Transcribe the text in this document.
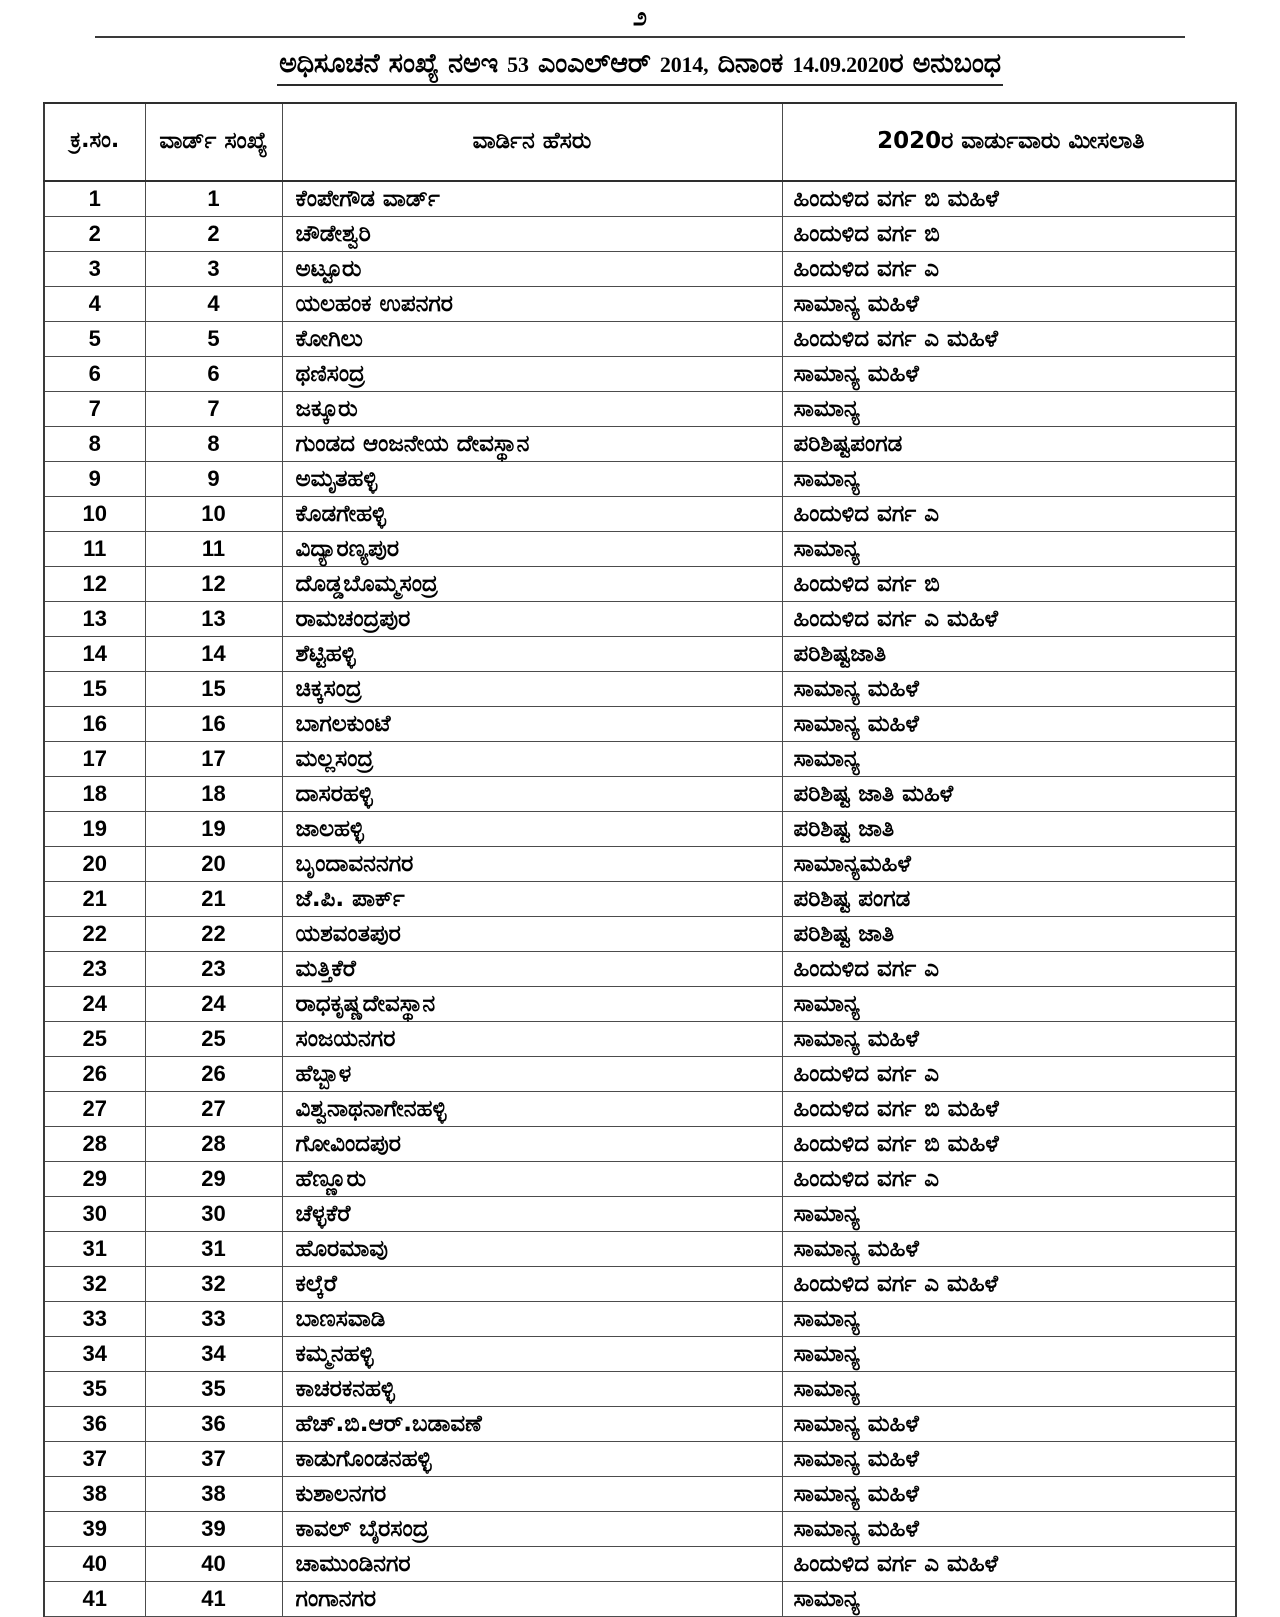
೨
ಅಧಿಸೂಚನೆ ಸಂಖ್ಯೆ ನಅಇ 53 ಎಂಎಲ್ಆರ್ 2014, ದಿನಾಂಕ 14.09.2020ರ ಅನುಬಂಧ
ಕ್ರ.ಸಂ.	ವಾರ್ಡ್ ಸಂಖ್ಯೆ	ವಾರ್ಡಿನ ಹೆಸರು	2020ರ ವಾರ್ಡುವಾರು ಮೀಸಲಾತಿ
1	1	ಕೆಂಪೇಗೌಡ ವಾರ್ಡ್	ಹಿಂದುಳಿದ ವರ್ಗ ಬಿ ಮಹಿಳೆ
2	2	ಚೌಡೇಶ್ವರಿ	ಹಿಂದುಳಿದ ವರ್ಗ ಬಿ
3	3	ಅಟ್ಟೂರು	ಹಿಂದುಳಿದ ವರ್ಗ ಎ
4	4	ಯಲಹಂಕ ಉಪನಗರ	ಸಾಮಾನ್ಯ ಮಹಿಳೆ
5	5	ಕೋಗಿಲು	ಹಿಂದುಳಿದ ವರ್ಗ ಎ ಮಹಿಳೆ
6	6	ಥಣಿಸಂದ್ರ	ಸಾಮಾನ್ಯ ಮಹಿಳೆ
7	7	ಜಕ್ಕೂರು	ಸಾಮಾನ್ಯ
8	8	ಗುಂಡದ ಆಂಜನೇಯ ದೇವಸ್ಥಾನ	ಪರಿಶಿಷ್ಟಪಂಗಡ
9	9	ಅಮೃತಹಳ್ಳಿ	ಸಾಮಾನ್ಯ
10	10	ಕೊಡಗೇಹಳ್ಳಿ	ಹಿಂದುಳಿದ ವರ್ಗ ಎ
11	11	ವಿದ್ಯಾರಣ್ಯಪುರ	ಸಾಮಾನ್ಯ
12	12	ದೊಡ್ಡಬೊಮ್ಮಸಂದ್ರ	ಹಿಂದುಳಿದ ವರ್ಗ ಬಿ
13	13	ರಾಮಚಂದ್ರಪುರ	ಹಿಂದುಳಿದ ವರ್ಗ ಎ ಮಹಿಳೆ
14	14	ಶೆಟ್ಟಿಹಳ್ಳಿ	ಪರಿಶಿಷ್ಟಜಾತಿ
15	15	ಚಿಕ್ಕಸಂದ್ರ	ಸಾಮಾನ್ಯ ಮಹಿಳೆ
16	16	ಬಾಗಲಕುಂಟೆ	ಸಾಮಾನ್ಯ ಮಹಿಳೆ
17	17	ಮಲ್ಲಸಂದ್ರ	ಸಾಮಾನ್ಯ
18	18	ದಾಸರಹಳ್ಳಿ	ಪರಿಶಿಷ್ಟ ಜಾತಿ ಮಹಿಳೆ
19	19	ಜಾಲಹಳ್ಳಿ	ಪರಿಶಿಷ್ಟ ಜಾತಿ
20	20	ಬೃಂದಾವನನಗರ	ಸಾಮಾನ್ಯಮಹಿಳೆ
21	21	ಜೆ.ಪಿ. ಪಾರ್ಕ್	ಪರಿಶಿಷ್ಟ ಪಂಗಡ
22	22	ಯಶವಂತಪುರ	ಪರಿಶಿಷ್ಟ ಜಾತಿ
23	23	ಮತ್ತಿಕೆರೆ	ಹಿಂದುಳಿದ ವರ್ಗ ಎ
24	24	ರಾಧಕೃಷ್ಣದೇವಸ್ಥಾನ	ಸಾಮಾನ್ಯ
25	25	ಸಂಜಯನಗರ	ಸಾಮಾನ್ಯ ಮಹಿಳೆ
26	26	ಹೆಬ್ಬಾಳ	ಹಿಂದುಳಿದ ವರ್ಗ ಎ
27	27	ವಿಶ್ವನಾಥನಾಗೇನಹಳ್ಳಿ	ಹಿಂದುಳಿದ ವರ್ಗ ಬಿ ಮಹಿಳೆ
28	28	ಗೋವಿಂದಪುರ	ಹಿಂದುಳಿದ ವರ್ಗ ಬಿ ಮಹಿಳೆ
29	29	ಹೆಣ್ಣೂರು	ಹಿಂದುಳಿದ ವರ್ಗ ಎ
30	30	ಚೆಳ್ಳಕೆರೆ	ಸಾಮಾನ್ಯ
31	31	ಹೊರಮಾವು	ಸಾಮಾನ್ಯ ಮಹಿಳೆ
32	32	ಕಲ್ಕೆರೆ	ಹಿಂದುಳಿದ ವರ್ಗ ಎ ಮಹಿಳೆ
33	33	ಬಾಣಸವಾಡಿ	ಸಾಮಾನ್ಯ
34	34	ಕಮ್ಮನಹಳ್ಳಿ	ಸಾಮಾನ್ಯ
35	35	ಕಾಚರಕನಹಳ್ಳಿ	ಸಾಮಾನ್ಯ
36	36	ಹೆಚ್.ಬಿ.ಆರ್.ಬಡಾವಣೆ	ಸಾಮಾನ್ಯ ಮಹಿಳೆ
37	37	ಕಾಡುಗೊಂಡನಹಳ್ಳಿ	ಸಾಮಾನ್ಯ ಮಹಿಳೆ
38	38	ಕುಶಾಲನಗರ	ಸಾಮಾನ್ಯ ಮಹಿಳೆ
39	39	ಕಾವಲ್ ಬೈರಸಂದ್ರ	ಸಾಮಾನ್ಯ ಮಹಿಳೆ
40	40	ಚಾಮುಂಡಿನಗರ	ಹಿಂದುಳಿದ ವರ್ಗ ಎ ಮಹಿಳೆ
41	41	ಗಂಗಾನಗರ	ಸಾಮಾನ್ಯ
